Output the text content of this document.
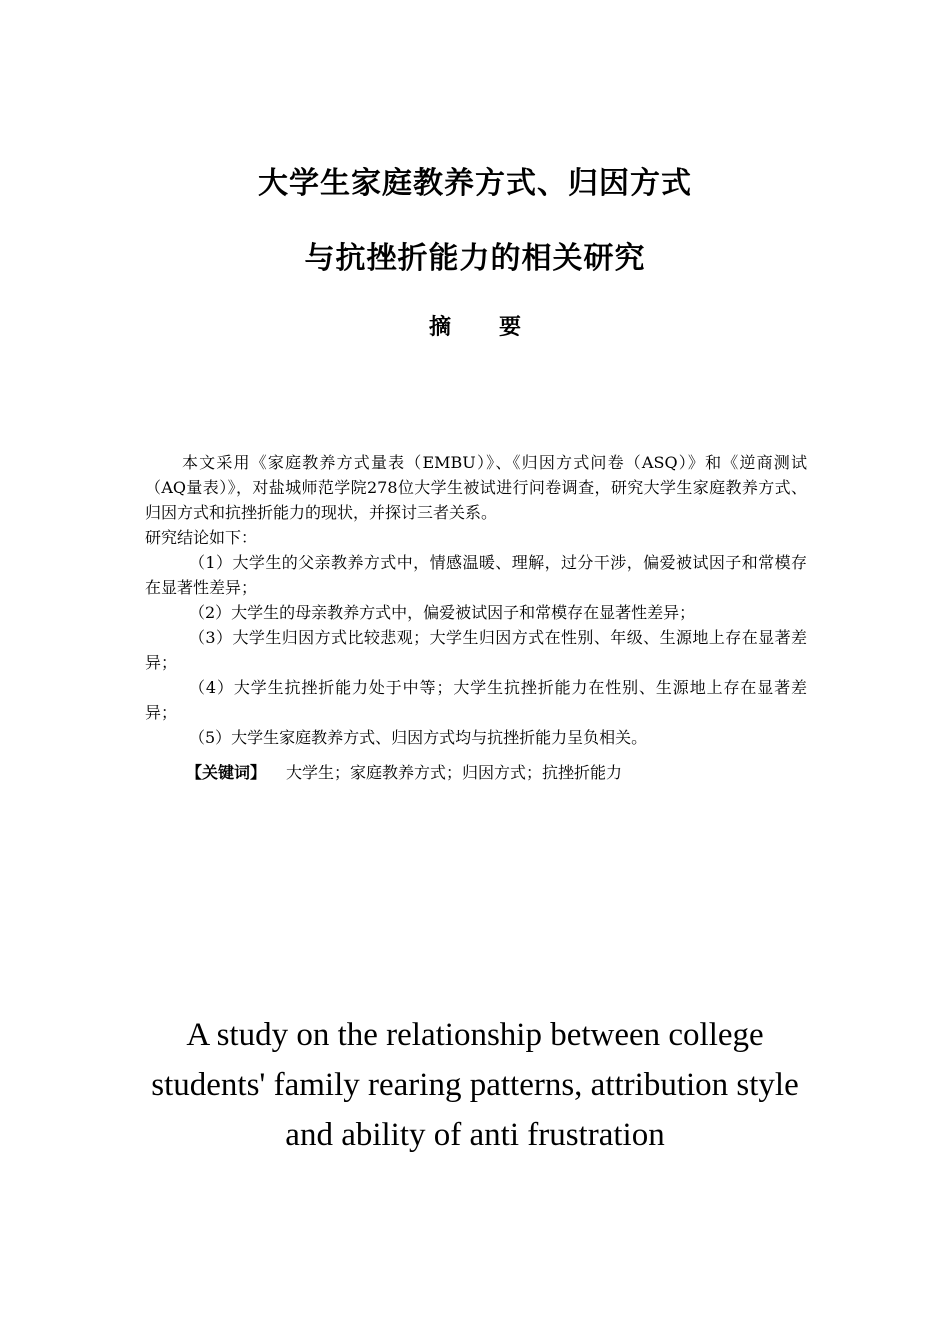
大学生家庭教养方式、归因方式
与抗挫折能力的相关研究
摘 要

本文采用《家庭教养方式量表（EMBU）》、《归因方式问卷（ASQ）》和《逆商测试（AQ量表）》，对盐城师范学院278位大学生被试进行问卷调查，研究大学生家庭教养方式、归因方式和抗挫折能力的现状，并探讨三者关系。

研究结论如下：

（1）大学生的父亲教养方式中，情感温暖、理解，过分干涉，偏爱被试因子和常模存在显著性差异；

（2）大学生的母亲教养方式中，偏爱被试因子和常模存在显著性差异；

（3）大学生归因方式比较悲观；大学生归因方式在性别、年级、生源地上存在显著差异；

（4）大学生抗挫折能力处于中等；大学生抗挫折能力在性别、生源地上存在显著差异；

（5）大学生家庭教养方式、归因方式均与抗挫折能力呈负相关。

【关键词】 大学生；家庭教养方式；归因方式；抗挫折能力
A study on the relationship between college students' family rearing patterns, attribution style and ability of anti frustration
